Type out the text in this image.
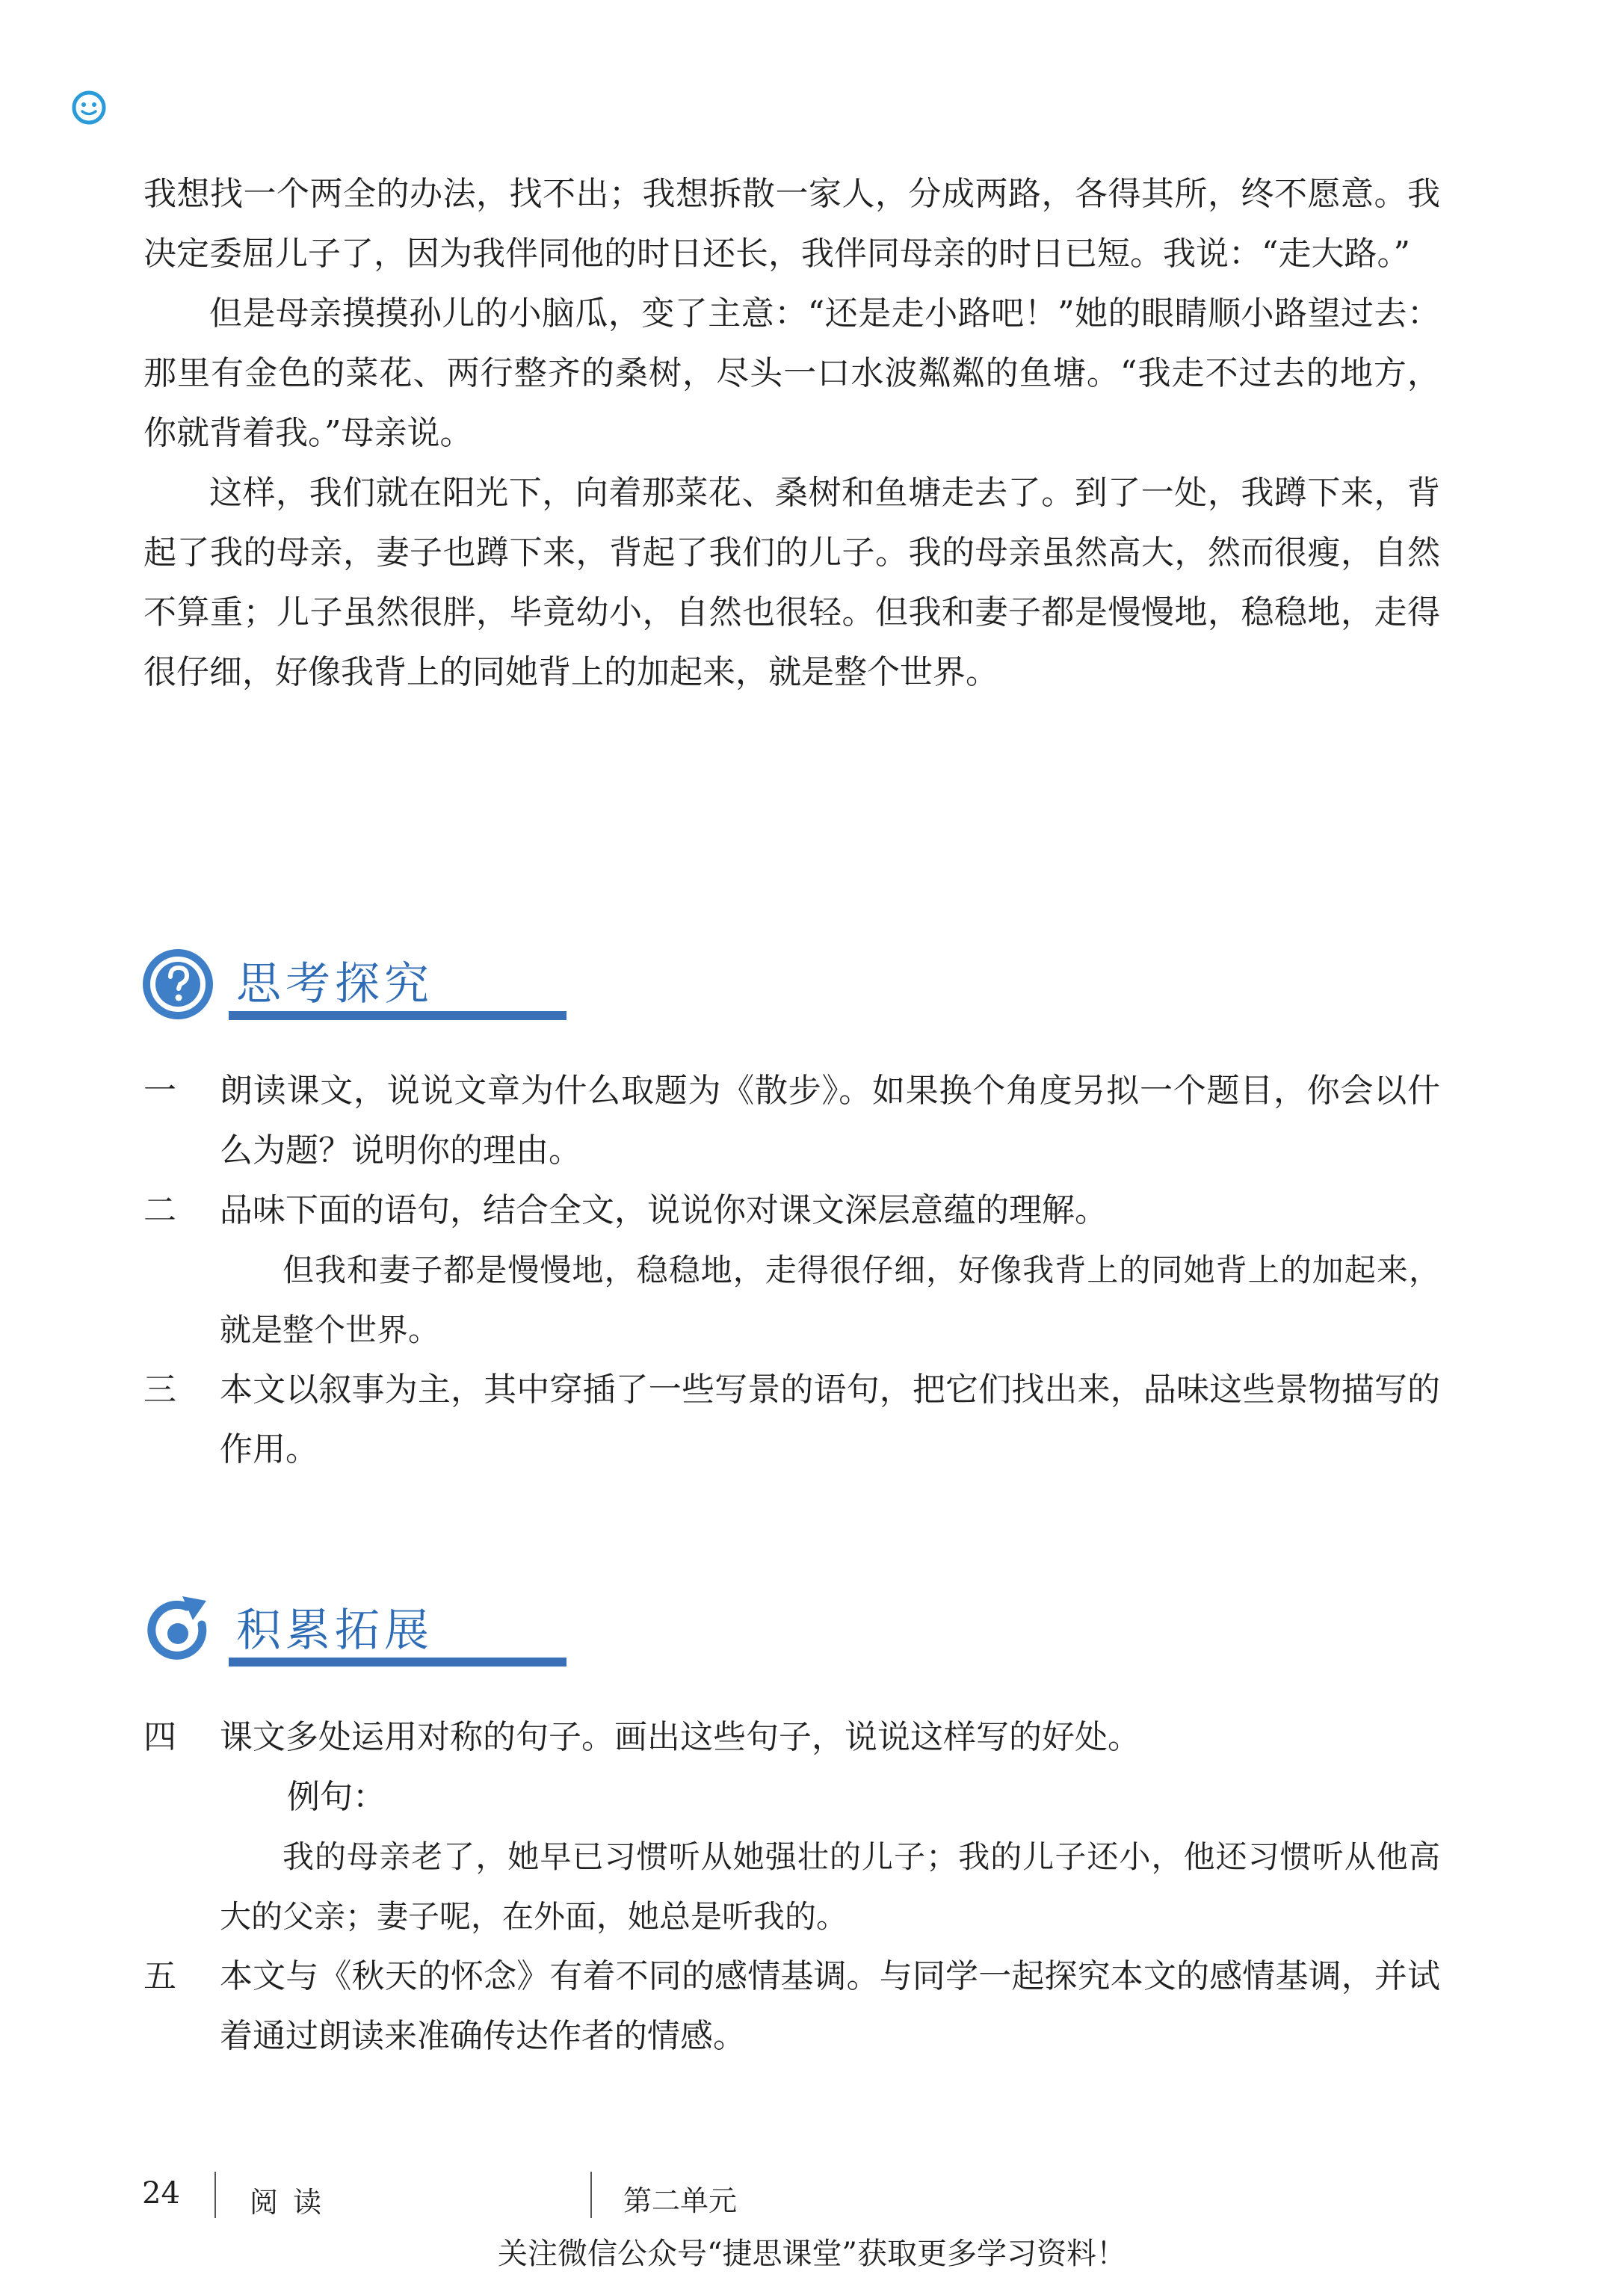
我想找一个两全的办法，找不出；我想拆散一家人，分成两路，各得其所，终不愿意。我决定委屈儿子了，因为我伴同他的时日还长，我伴同母亲的时日已短。我说：“走大路。”

但是母亲摸摸孙儿的小脑瓜，变了主意：“还是走小路吧！”她的眼睛顺小路望过去：那里有金色的菜花、两行整齐的桑树，尽头一口水波粼粼的鱼塘。“我走不过去的地方，你就背着我。”母亲说。

这样，我们就在阳光下，向着那菜花、桑树和鱼塘走去了。到了一处，我蹲下来，背起了我的母亲，妻子也蹲下来，背起了我们的儿子。我的母亲虽然高大，然而很瘦，自然不算重；儿子虽然很胖，毕竟幼小，自然也很轻。但我和妻子都是慢慢地，稳稳地，走得很仔细，好像我背上的同她背上的加起来，就是整个世界。

思考探究
一 朗读课文，说说文章为什么取题为《散步》。如果换个角度另拟一个题目，你会以什么为题？说明你的理由。
二 品味下面的语句，结合全文，说说你对课文深层意蕴的理解。
但我和妻子都是慢慢地，稳稳地，走得很仔细，好像我背上的同她背上的加起来，就是整个世界。
三 本文以叙事为主，其中穿插了一些写景的语句，把它们找出来，品味这些景物描写的作用。
积累拓展
四 课文多处运用对称的句子。画出这些句子，说说这样写的好处。
例句：
我的母亲老了，她早已习惯听从她强壮的儿子；我的儿子还小，他还习惯听从他高大的父亲；妻子呢，在外面，她总是听我的。
五 本文与《秋天的怀念》有着不同的感情基调。与同学一起探究本文的感情基调，并试着通过朗读来准确传达作者的情感。
24 阅读	第二单元
关注微信公众号“捷思课堂”获取更多学习资料！
